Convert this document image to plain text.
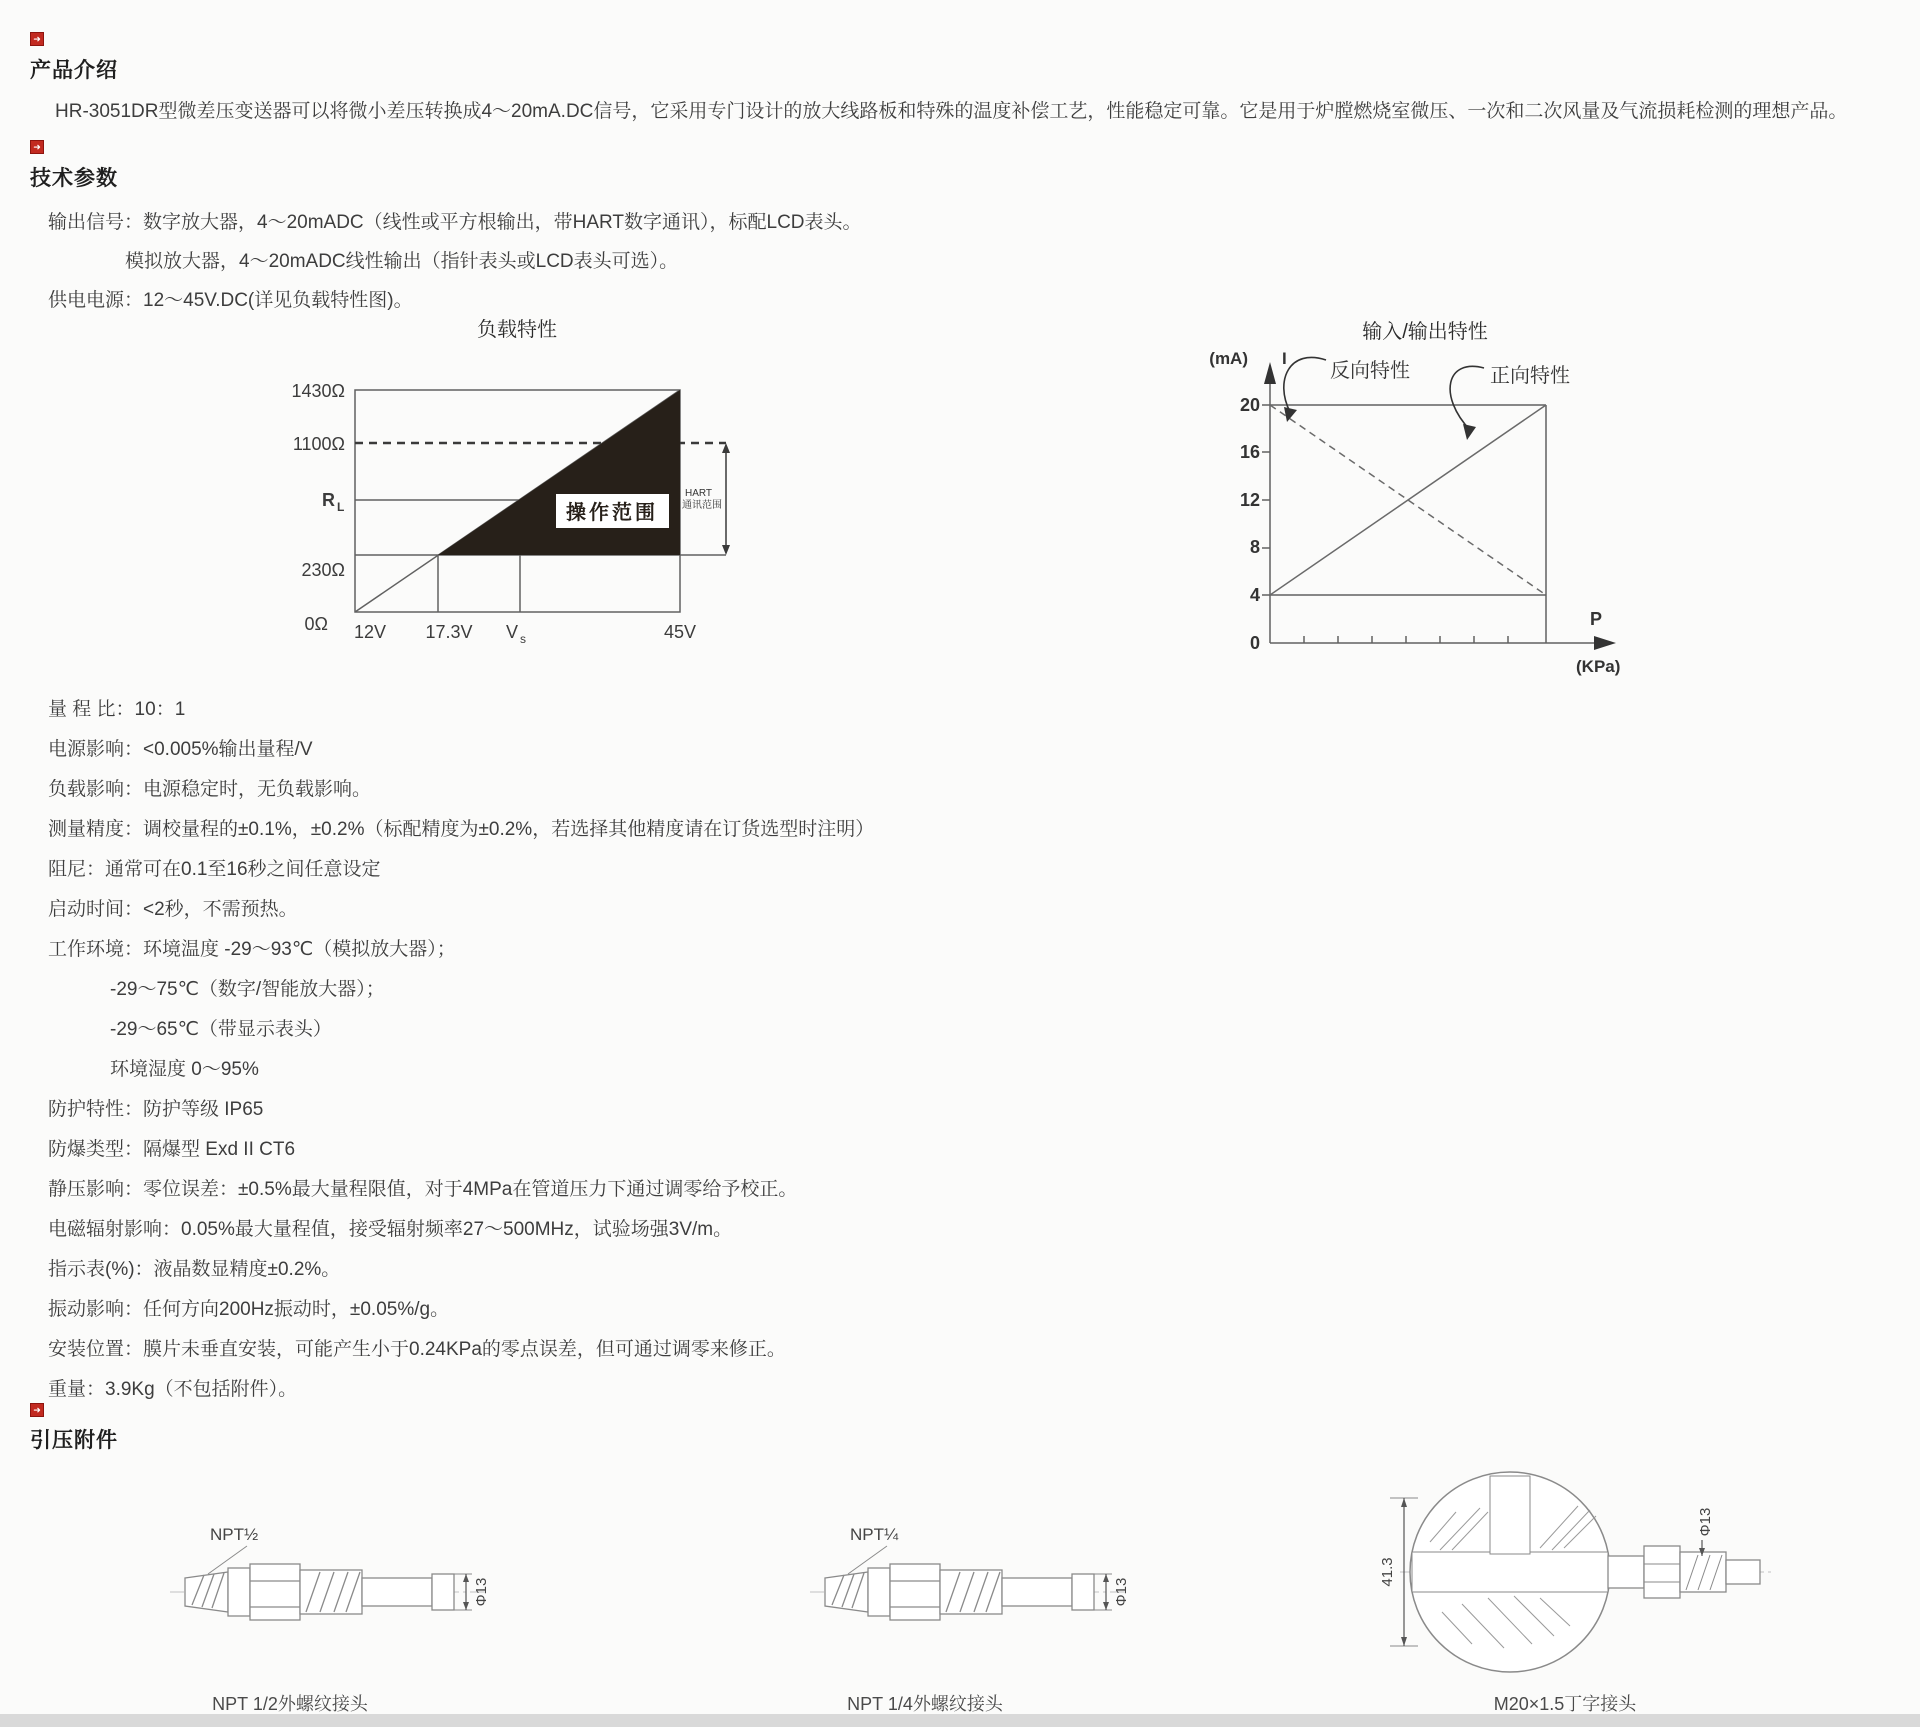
➜
产品介绍
HR-3051DR型微差压变送器可以将微小差压转换成4～20mA.DC信号，它采用专门设计的放大线路板和特殊的温度补偿工艺，性能稳定可靠。它是用于炉膛燃烧室微压、一次和二次风量及气流损耗检测的理想产品。
➜
技术参数
输出信号：数字放大器，4～20mADC（线性或平方根输出，带HART数字通讯），标配LCD表头。
模拟放大器，4～20mADC线性输出（指针表头或LCD表头可选）。
供电电源：12～45V.DC(详见负载特性图)。
负载特性
操作范围
HART
通讯范围
1430Ω
1100Ω
R L
230Ω
0Ω 12V 17.3V V s	45V
输入/输出特性
(mA) I
20
16
12
8
4
0
P
(KPa)
反向特性	正向特性
量 程 比：10：1
电源影响：<0.005%输出量程/V
负载影响：电源稳定时，无负载影响。
测量精度：调校量程的±0.1%，±0.2%（标配精度为±0.2%，若选择其他精度请在订货选型时注明）
阻尼：通常可在0.1至16秒之间任意设定
启动时间：<2秒，不需预热。
工作环境：环境温度 -29～93℃（模拟放大器）；
-29～75℃（数字/智能放大器）；
-29～65℃（带显示表头）
环境湿度 0～95%
防护特性：防护等级 IP65
防爆类型：隔爆型 Exd II CT6
静压影响：零位误差：±0.5%最大量程限值，对于4MPa在管道压力下通过调零给予校正。
电磁辐射影响：0.05%最大量程值，接受辐射频率27～500MHz，试验场强3V/m。
指示表(%)：液晶数显精度±0.2%。
振动影响：任何方向200Hz振动时，±0.05%/g。
安装位置：膜片未垂直安装，可能产生小于0.24KPa的零点误差，但可通过调零来修正。
重量：3.9Kg（不包括附件）。
➜
引压附件
NPT½
Φ13
NPT¼
Φ13
41.3
Φ13
NPT 1/2外螺纹接头	NPT 1/4外螺纹接头	M20×1.5丁字接头
